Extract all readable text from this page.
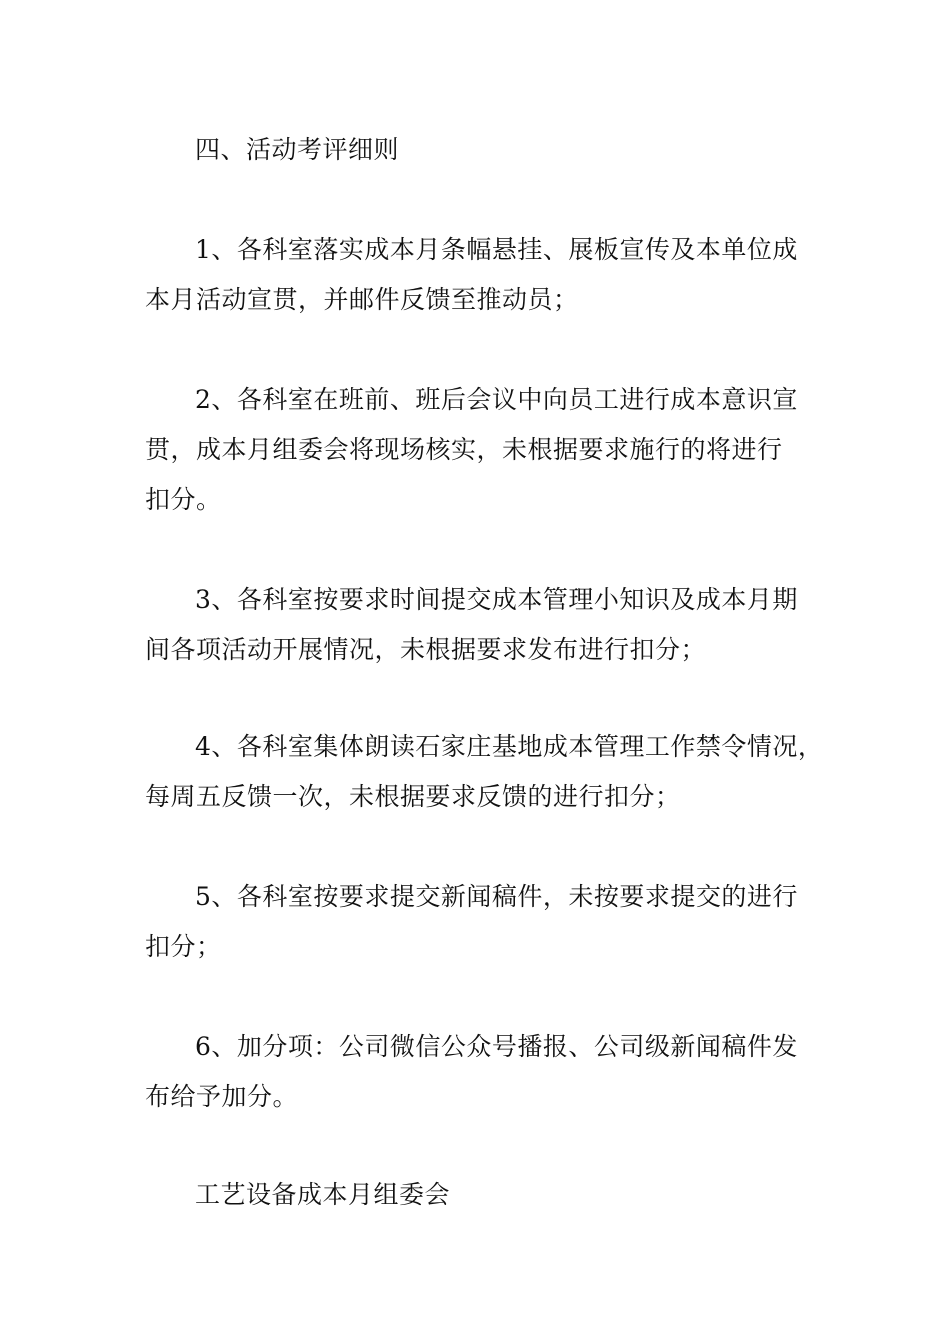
四、活动考评细则
1、各科室落实成本月条幅悬挂、展板宣传及本单位成
本月活动宣贯，并邮件反馈至推动员；
2、各科室在班前、班后会议中向员工进行成本意识宣
贯，成本月组委会将现场核实，未根据要求施行的将进行
扣分。
3、各科室按要求时间提交成本管理小知识及成本月期
间各项活动开展情况，未根据要求发布进行扣分；
4、各科室集体朗读石家庄基地成本管理工作禁令情况，
每周五反馈一次，未根据要求反馈的进行扣分；
5、各科室按要求提交新闻稿件，未按要求提交的进行
扣分；
6、加分项：公司微信公众号播报、公司级新闻稿件发
布给予加分。
工艺设备成本月组委会
